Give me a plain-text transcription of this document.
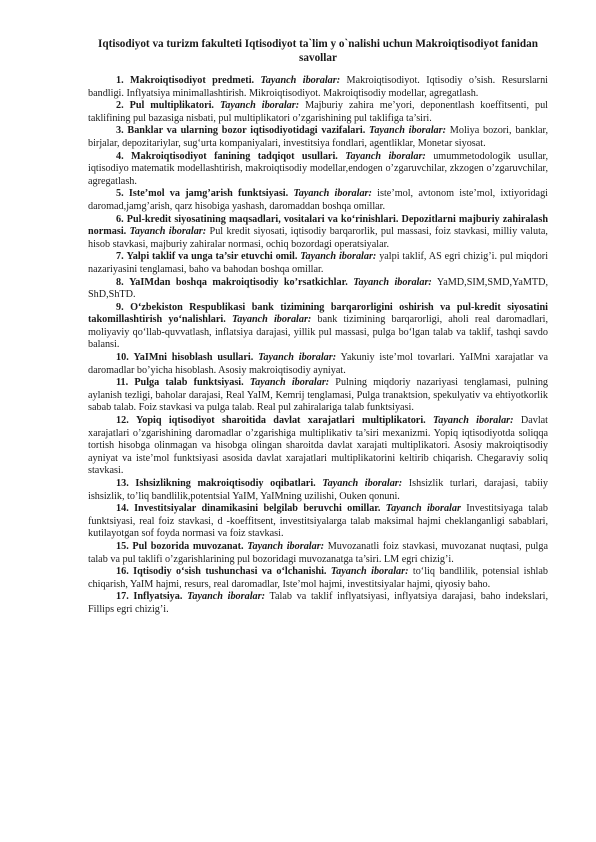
Iqtisodiyot va turizm fakulteti Iqtisodiyot ta`lim y o`nalishi uchun Makroiqtisodiyot fanidan savollar

1. Makroiqtisodiyot predmeti. Tayanch iboralar: Makroiqtisodiyot. Iqtisodiy o’sish. Resurslarni bandligi. Inflyatsiya minimallashtirish. Mikroiqtisodiyot. Makroiqtisodiy modellar, agregatlash.

2. Pul multiplikatori. Tayanch iboralar: Majburiy zahira me’yori, deponentlash koeffitsenti, pul taklifining pul bazasiga nisbati, pul multiplikatori o’zgarishining pul taklifiga ta’siri.

3. Banklar va ularning bozor iqtisodiyotidagi vazifalari. Tayanch iboralar: Moliya bozori, banklar, birjalar, depozitariylar, sug‘urta kompaniyalari, investitsiya fondlari, agentliklar, Monetar siyosat.

4. Makroiqtisodiyot fanining tadqiqot usullari. Tayanch iboralar: umummetodologik usullar, iqtisodiyo matematik modellashtirish, makroiqtisodiy modellar,endogen o’zgaruvchilar, zkzogen o’zgaruvchilar, agregatlash.

5. Iste’mol va jamg’arish funktsiyasi. Tayanch iboralar: iste’mol, avtonom iste’mol, ixtiyoridagi daromad,jamg’arish, qarz hisobiga yashash, daromaddan boshqa omillar.

6. Pul-kredit siyosatining maqsadlari, vositalari va ko‘rinishlari. Depozitlarni majburiy zahiralash normasi. Tayanch iboralar: Pul kredit siyosati, iqtisodiy barqarorlik, pul massasi, foiz stavkasi, milliy valuta, hisob stavkasi, majburiy zahiralar normasi, ochiq bozordagi operatsiyalar.

7. Yalpi taklif va unga ta’sir etuvchi omil. Tayanch iboralar: yalpi taklif, AS egri chizig’i. pul miqdori nazariyasini tenglamasi, baho va bahodan boshqa omillar.

8. YaIMdan boshqa makroiqtisodiy ko’rsatkichlar. Tayanch iboralar: YaMD,SIM,SMD,YaMTD, ShD,ShTD.

9. O‘zbekiston Respublikasi bank tizimining barqarorligini oshirish va pul-kredit siyosatini takomillashtirish yo‘nalishlari. Tayanch iboralar: bank tizimining barqarorligi, aholi real daromadlari, moliyaviy qo‘llab-quvvatlash, inflatsiya darajasi, yillik pul massasi, pulga bo‘lgan talab va taklif, tashqi savdo balansi.

10. YaIMni hisoblash usullari. Tayanch iboralar: Yakuniy iste’mol tovarlari. YaIMni xarajatlar va daromadlar bo’yicha hisoblash. Asosiy makroiqtisodiy ayniyat.

11. Pulga talab funktsiyasi. Tayanch iboralar: Pulning miqdoriy nazariyasi tenglamasi, pulning aylanish tezligi, baholar darajasi, Real YaIM, Kemrij tenglamasi, Pulga tranaktsion, spekulyativ va ehtiyotkorlik sabab talab. Foiz stavkasi va pulga talab. Real pul zahiralariga talab funktsiyasi.

12. Yopiq iqtisodiyot sharoitida davlat xarajatlari multiplikatori. Tayanch iboralar: Davlat xarajatlari o’zgarishining daromadlar o’zgarishiga multiplikativ ta’siri mexanizmi. Yopiq iqtisodiyotda soliqqa tortish hisobga olinmagan va hisobga olingan sharoitda davlat xarajati multiplikatori. Asosiy makroiqtisodiy ayniyat va iste’mol funktsiyasi asosida davlat xarajatlari multiplikatorini keltirib chiqarish. Chegaraviy soliq stavkasi.

13. Ishsizlikning makroiqtisodiy oqibatlari. Tayanch iboralar: Ishsizlik turlari, darajasi, tabiiy ishsizlik, to’liq bandlilik,potentsial YaIM, YaIMning uzilishi, Ouken qonuni.

14. Investitsiyalar dinamikasini belgilab beruvchi omillar. Tayanch iboralar Investitsiyaga talab funktsiyasi, real foiz stavkasi, d -koeffitsent, investitsiyalarga talab maksimal hajmi cheklanganligi sabablari, kutilayotgan sof foyda normasi va foiz stavkasi.

15. Pul bozorida muvozanat. Tayanch iboralar: Muvozanatli foiz stavkasi, muvozanat nuqtasi, pulga talab va pul taklifi o’zgarishlarining pul bozoridagi muvozanatga ta’siri. LM egri chizig’i.

16. Iqtisodiy o‘sish tushunchasi va o‘lchanishi. Tayanch iboralar: to‘liq bandlilik, potensial ishlab chiqarish, YaIM hajmi, resurs, real daromadlar, Iste’mol hajmi, investitsiyalar hajmi, qiyosiy baho.

17. Inflyatsiya. Tayanch iboralar: Talab va taklif inflyatsiyasi, inflyatsiya darajasi, baho indekslari, Fillips egri chizig’i.
